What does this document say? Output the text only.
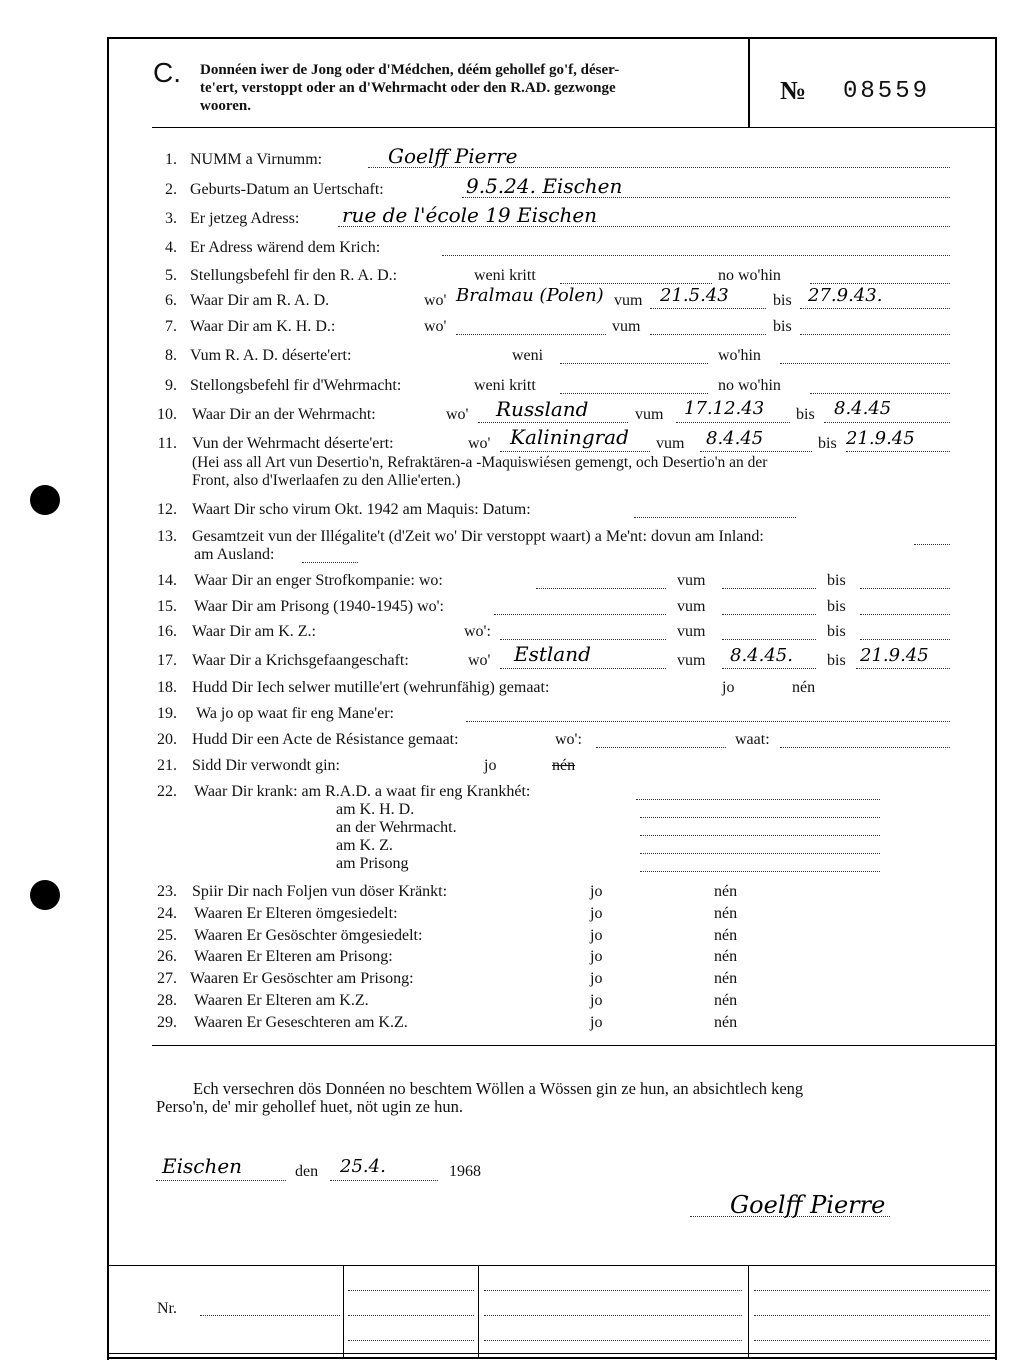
C. Donnéen iwer de Jong oder d'Médchen, déém gehollef go'f, déser-
te'ert, verstoppt oder an d'Wehrmacht oder den R.AD. gezwonge
wooren.
№ 08559
1. NUMM a Virnumm:	Goelff Pierre
2. Geburts-Datum an Uertschaft:	9.5.24. Eischen
3. Er jetzeg Adress: rue de l'école 19 Eischen
4. Er Adress wärend dem Krich:
5. Stellungsbefehl fir den R. A. D.:	weni kritt	no wo'hin
6. Waar Dir am R. A. D.	wo' Bralmau (Polen) vum 21.5.43	bis 27.9.43.
7. Waar Dir am K. H. D.:	wo'	vum	bis
8. Vum R. A. D. déserte'ert:	weni	wo'hin
9. Stellongsbefehl fir d'Wehrmacht:	weni kritt	no wo'hin
10. Waar Dir an der Wehrmacht:	wo' Russland	vum 17.12.43 bis 8.4.45
11. Vun der Wehrmacht déserte'ert:	wo' Kaliningrad vum 8.4.45	bis 21.9.45
(Hei ass all Art vun Desertio'n, Refraktären-a -Maquiswiésen gemengt, och Desertio'n an der
Front, also d'Iwerlaafen zu den Allie'erten.)
12. Waart Dir scho virum Okt. 1942 am Maquis: Datum:
13. Gesamtzeit vun der Illégalite't (d'Zeit wo' Dir verstoppt waart) a Me'nt: dovun am Inland:
am Ausland:
14. Waar Dir an enger Strofkompanie: wo:	vum	bis
15. Waar Dir am Prisong (1940-1945) wo':	vum	bis
16. Waar Dir am K. Z.:	wo':	vum	bis
17. Waar Dir a Krichsgefaangeschaft:	wo' Estland	vum 8.4.45. bis 21.9.45
18. Hudd Dir Iech selwer mutille'ert (wehrunfähig) gemaat:	jo	nén
19. Wa jo op waat fir eng Mane'er:
20. Hudd Dir een Acte de Résistance gemaat:	wo':	waat:
21. Sidd Dir verwondt gin:	jo	nén
22. Waar Dir krank: am R.A.D. a waat fir eng Krankhét:
am K. H. D.
an der Wehrmacht.
am K. Z.
am Prisong
23. Spiir Dir nach Foljen vun döser Kränkt:	jo	nén
24. Waaren Er Elteren ömgesiedelt:	jo	nén
25. Waaren Er Gesöschter ömgesiedelt:	jo	nén
26. Waaren Er Elteren am Prisong:	jo	nén
27. Waaren Er Gesöschter am Prisong:	jo	nén
28. Waaren Er Elteren am K.Z.	jo	nén
29. Waaren Er Geseschteren am K.Z.	jo	nén
Ech versechren dös Donnéen no beschtem Wöllen a Wössen gin ze hun, an absichtlech keng
Perso'n, de' mir gehollef huet, nöt ugin ze hun.
Eischen	den 25.4.	1968
Goelff Pierre
Nr.
